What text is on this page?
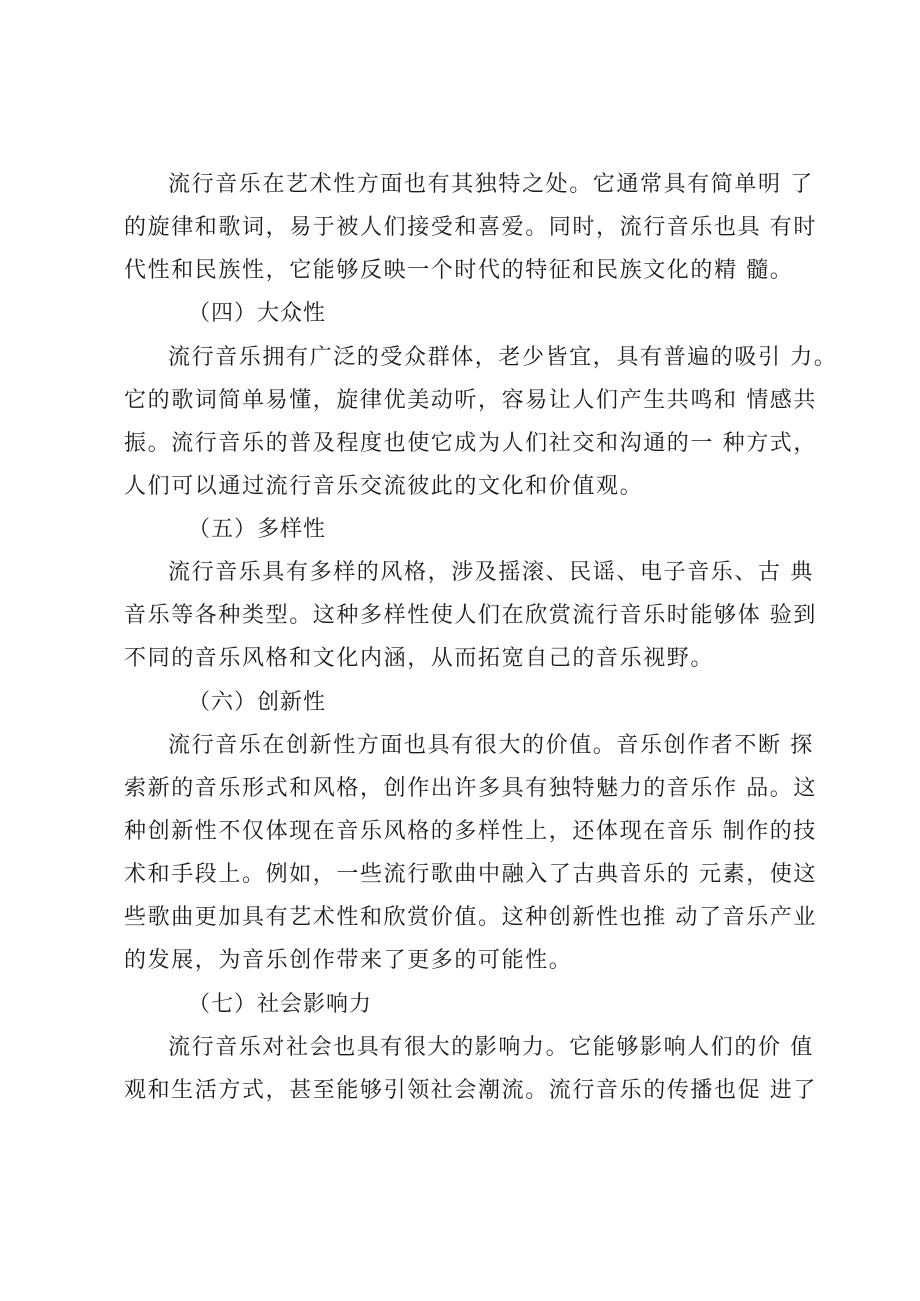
流行音乐在艺术性方面也有其独特之处。它通常具有简单明 了
的旋律和歌词，易于被人们接受和喜爱。同时，流行音乐也具 有时
代性和民族性，它能够反映一个时代的特征和民族文化的精 髓。
（四）大众性
流行音乐拥有广泛的受众群体，老少皆宜，具有普遍的吸引 力。
它的歌词简单易懂，旋律优美动听，容易让人们产生共鸣和 情感共
振。流行音乐的普及程度也使它成为人们社交和沟通的一 种方式，
人们可以通过流行音乐交流彼此的文化和价值观。
（五）多样性
流行音乐具有多样的风格，涉及摇滚、民谣、电子音乐、古 典
音乐等各种类型。这种多样性使人们在欣赏流行音乐时能够体 验到
不同的音乐风格和文化内涵，从而拓宽自己的音乐视野。
（六）创新性
流行音乐在创新性方面也具有很大的价值。音乐创作者不断 探
索新的音乐形式和风格，创作出许多具有独特魅力的音乐作 品。这
种创新性不仅体现在音乐风格的多样性上，还体现在音乐 制作的技
术和手段上。例如，一些流行歌曲中融入了古典音乐的 元素，使这
些歌曲更加具有艺术性和欣赏价值。这种创新性也推 动了音乐产业
的发展，为音乐创作带来了更多的可能性。
（七）社会影响力
流行音乐对社会也具有很大的影响力。它能够影响人们的价 值
观和生活方式，甚至能够引领社会潮流。流行音乐的传播也促 进了
